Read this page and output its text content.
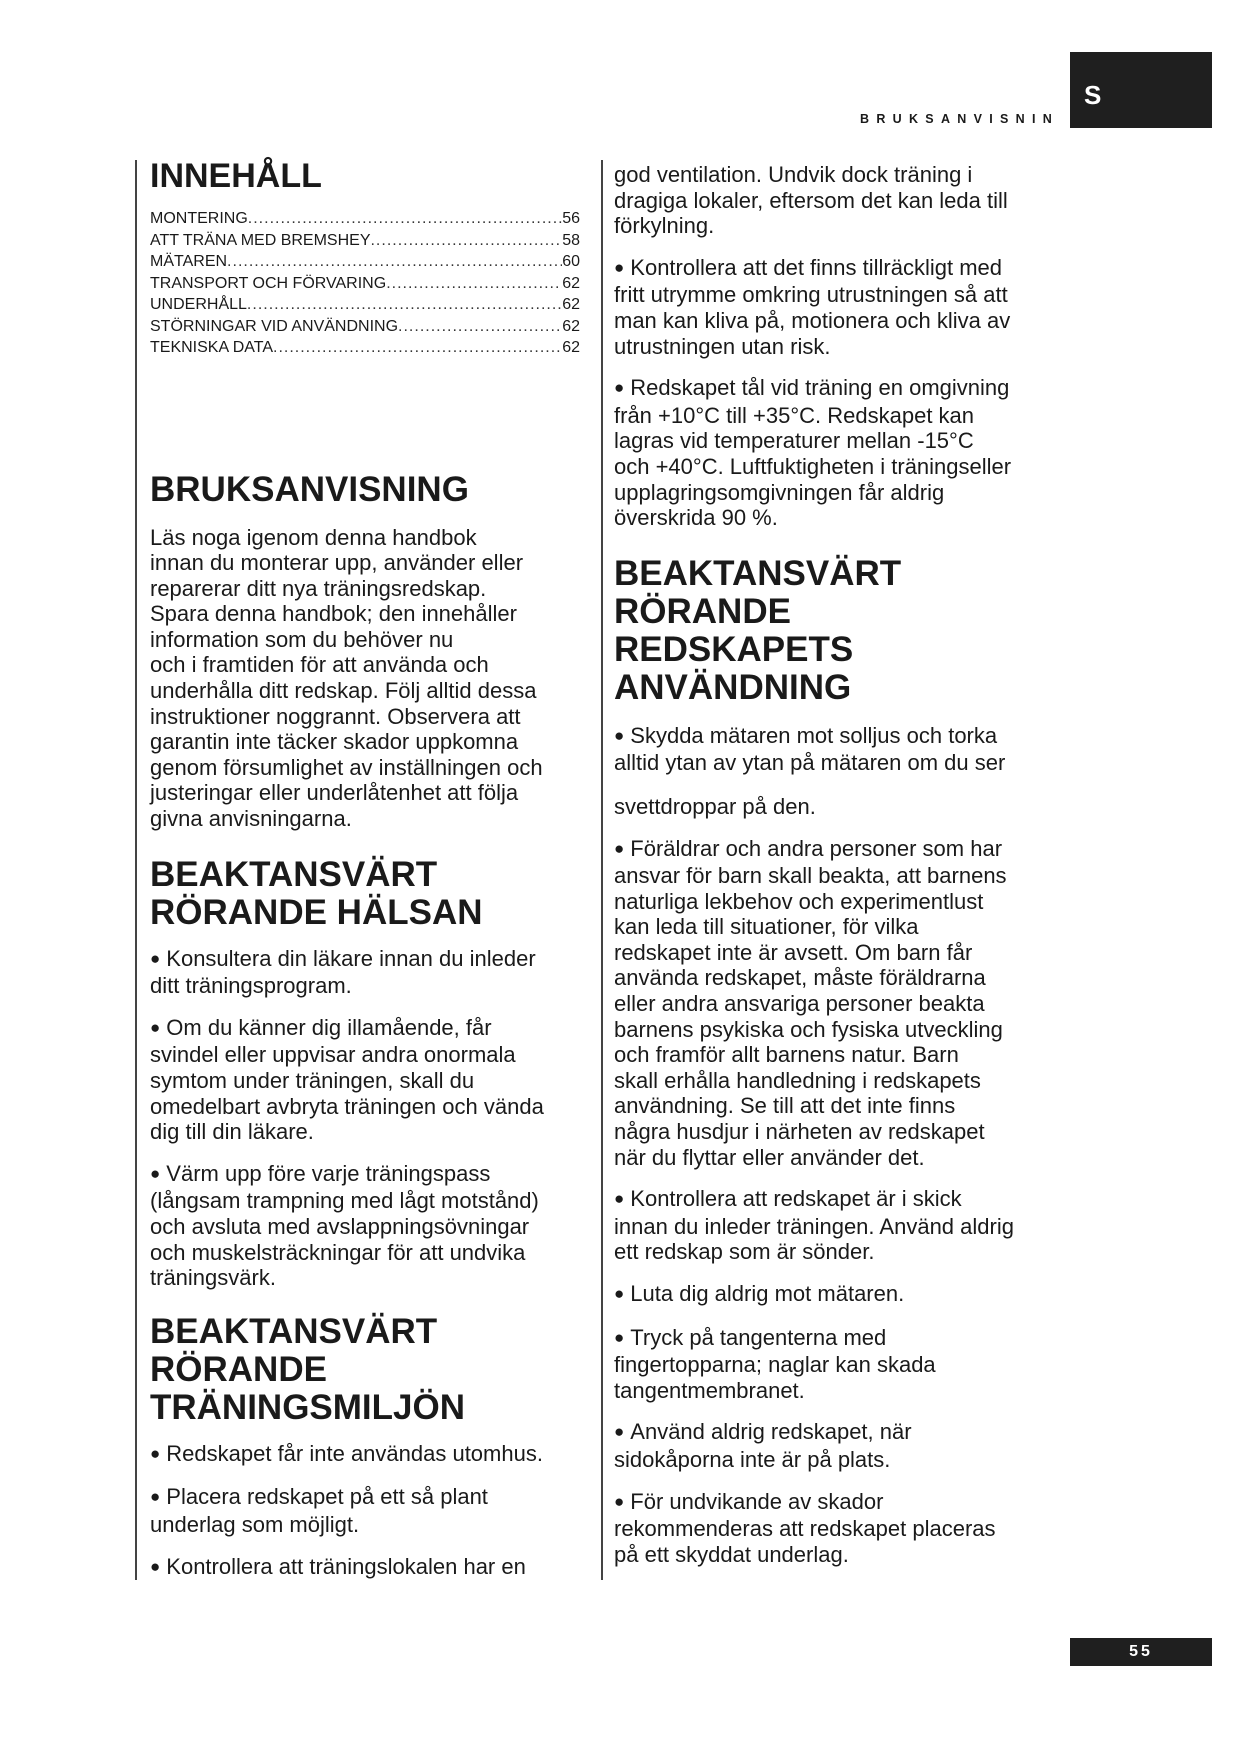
BRUKSANVISNIN
S
INNEHÅLL
MONTERING .....	56
ATT TRÄNA MED BREMSHEY .....	58
MÄTAREN .....	60
TRANSPORT OCH FÖRVARING .....	62
UNDERHÅLL .....	62
STÖRNINGAR VID ANVÄNDNING .....	62
TEKNISKA DATA .....	62
BRUKSANVISNING
Läs noga igenom denna handbok
innan du monterar upp, använder eller
reparerar ditt nya träningsredskap.
Spara denna handbok; den innehåller
information som du behöver nu
och i framtiden för att använda och
underhålla ditt redskap. Följ alltid dessa
instruktioner noggrannt. Observera att
garantin inte täcker skador uppkomna
genom försumlighet av inställningen och
justeringar eller underlåtenhet att följa
givna anvisningarna.
BEAKTANSVÄRT
RÖRANDE HÄLSAN
● Konsultera din läkare innan du inleder
ditt träningsprogram.
● Om du känner dig illamående, får
svindel eller uppvisar andra onormala
symtom under träningen, skall du
omedelbart avbryta träningen och vända
dig till din läkare.
● Värm upp före varje träningspass
(långsam trampning med lågt motstånd)
och avsluta med avslappningsövningar
och muskelsträckningar för att undvika
träningsvärk.
BEAKTANSVÄRT
RÖRANDE
TRÄNINGSMILJÖN
● Redskapet får inte användas utomhus.
● Placera redskapet på ett så plant
underlag som möjligt.
● Kontrollera att träningslokalen har en
god ventilation. Undvik dock träning i
dragiga lokaler, eftersom det kan leda till
förkylning.
● Kontrollera att det finns tillräckligt med
fritt utrymme omkring utrustningen så att
man kan kliva på, motionera och kliva av
utrustningen utan risk.
● Redskapet tål vid träning en omgivning
från +10°C till +35°C. Redskapet kan
lagras vid temperaturer mellan -15°C
och +40°C. Luftfuktigheten i träningseller
upplagringsomgivningen får aldrig
överskrida 90 %.
BEAKTANSVÄRT
RÖRANDE
REDSKAPETS
ANVÄNDNING
● Skydda mätaren mot solljus och torka
alltid ytan av ytan på mätaren om du ser
svettdroppar på den.
● Föräldrar och andra personer som har
ansvar för barn skall beakta, att barnens
naturliga lekbehov och experimentlust
kan leda till situationer, för vilka
redskapet inte är avsett. Om barn får
använda redskapet, måste föräldrarna
eller andra ansvariga personer beakta
barnens psykiska och fysiska utveckling
och framför allt barnens natur. Barn
skall erhålla handledning i redskapets
användning. Se till att det inte finns
några husdjur i närheten av redskapet
när du flyttar eller använder det.
● Kontrollera att redskapet är i skick
innan du inleder träningen. Använd aldrig
ett redskap som är sönder.
● Luta dig aldrig mot mätaren.
● Tryck på tangenterna med
fingertopparna; naglar kan skada
tangentmembranet.
● Använd aldrig redskapet, när
sidokåporna inte är på plats.
● För undvikande av skador
rekommenderas att redskapet placeras
på ett skyddat underlag.
55
